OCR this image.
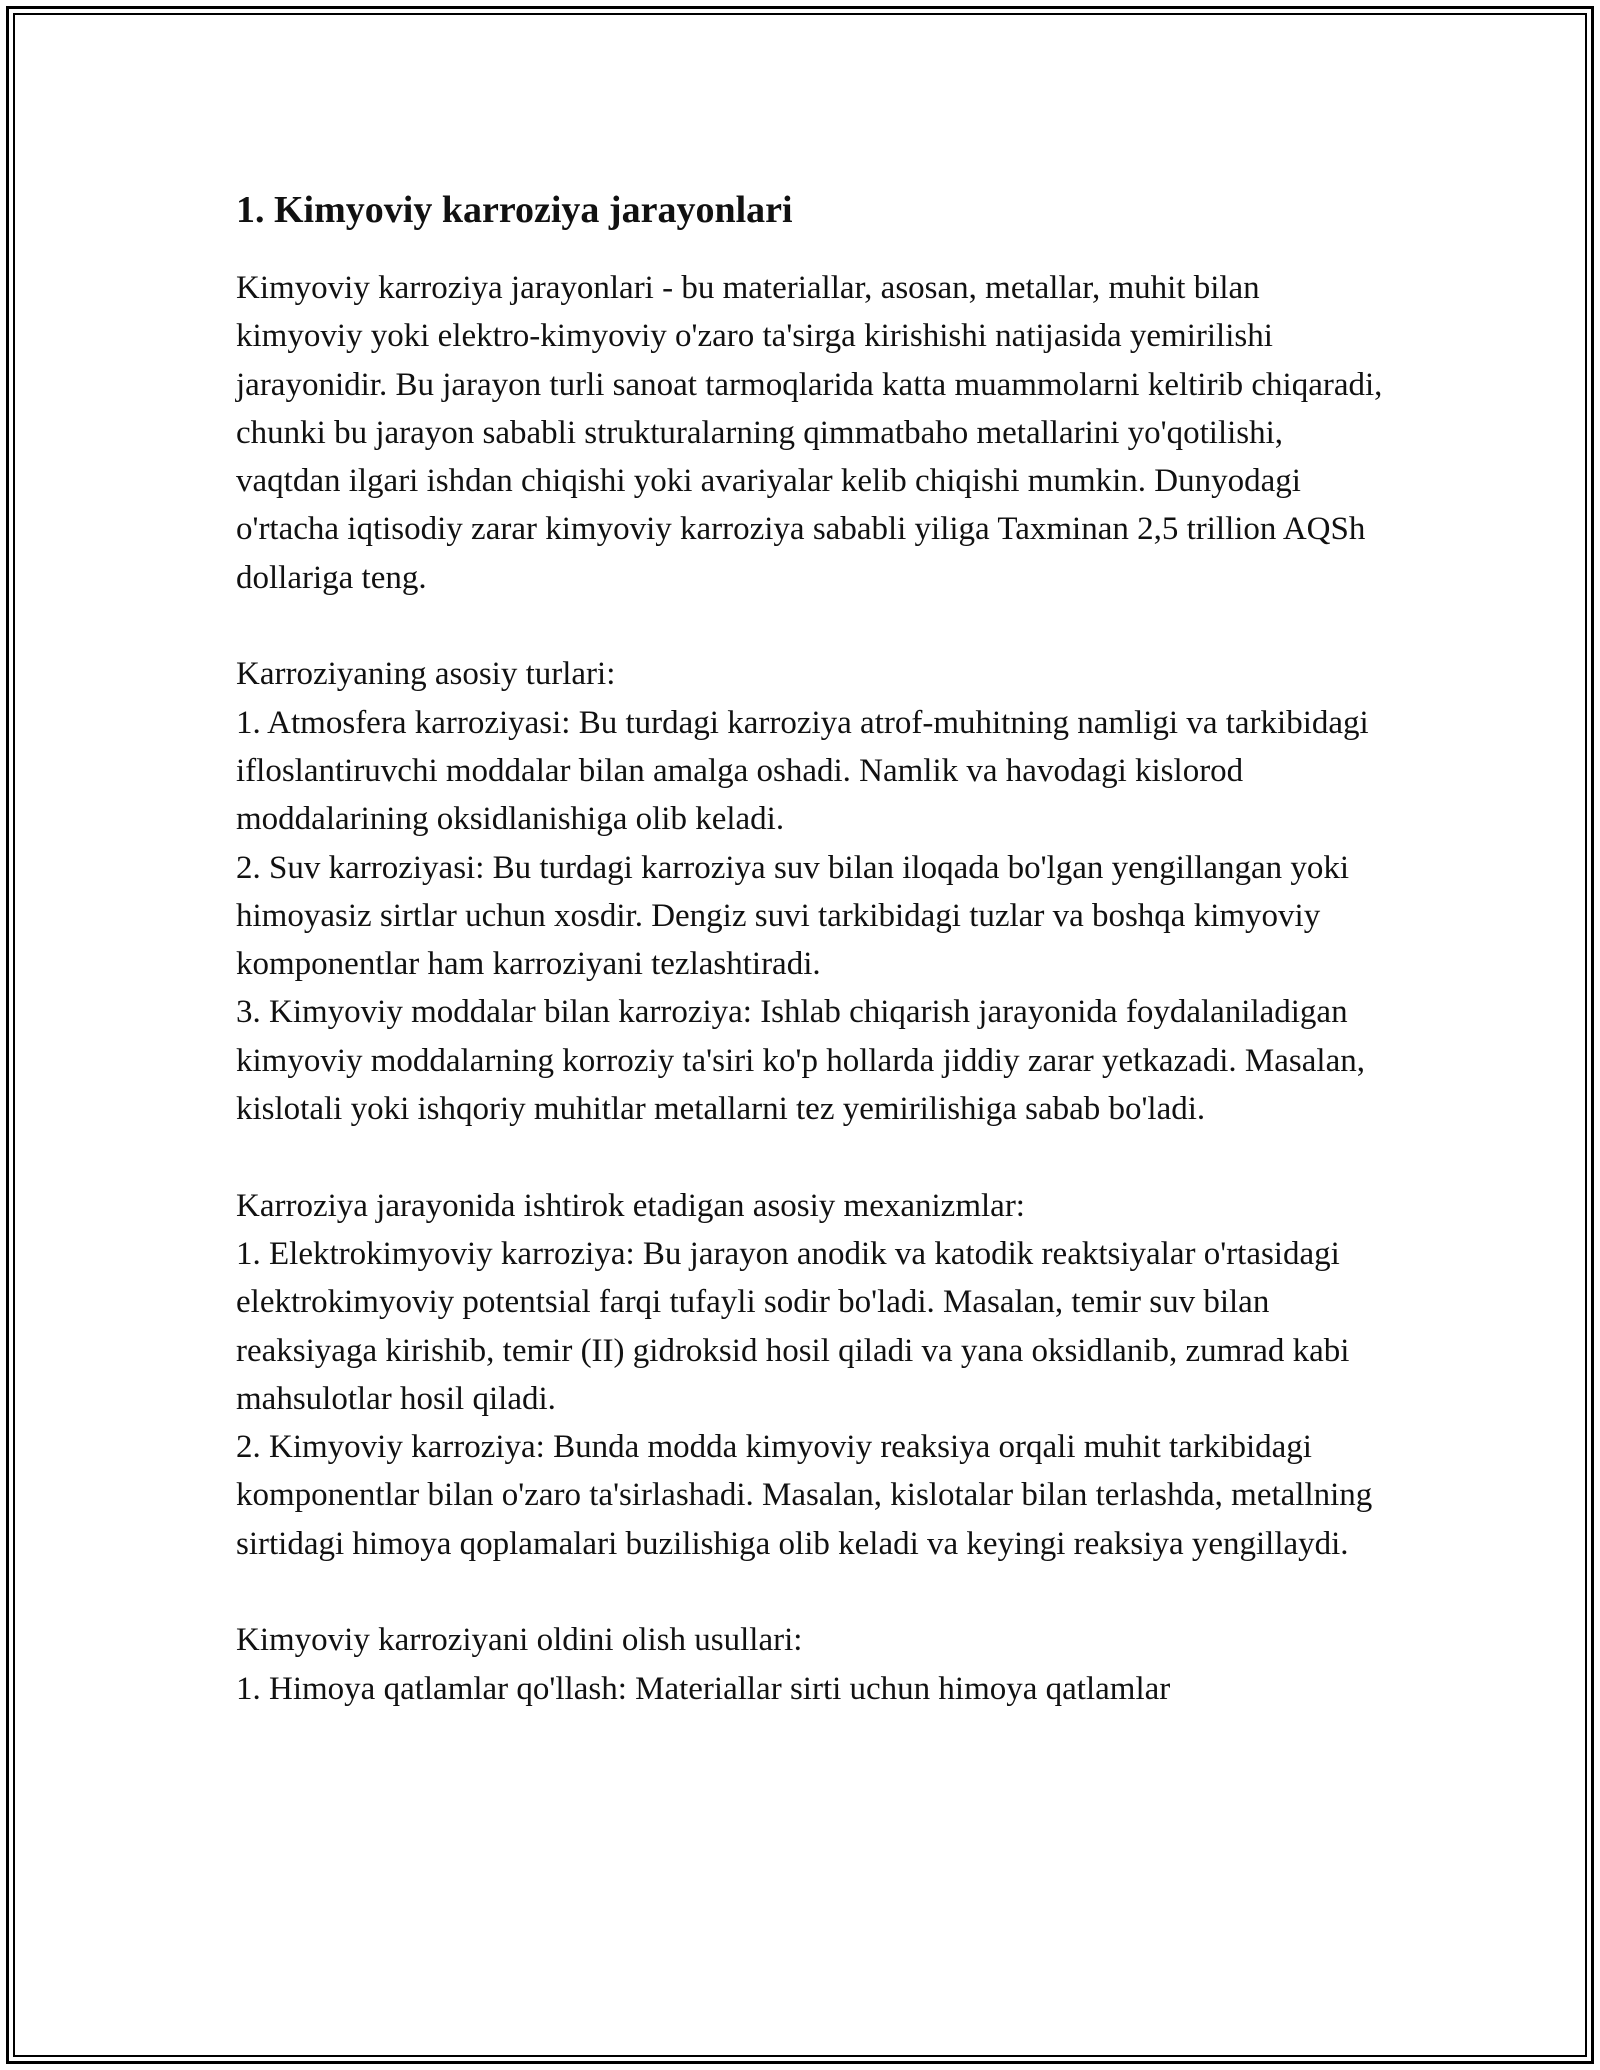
1. Kimyoviy karroziya jarayonlari

Kimyoviy karroziya jarayonlari - bu materiallar, asosan, metallar, muhit bilan kimyoviy yoki elektro-kimyoviy o'zaro ta'sirga kirishishi natijasida yemirilishi jarayonidir. Bu jarayon turli sanoat tarmoqlarida katta muammolarni keltirib chiqaradi, chunki bu jarayon sababli strukturalarning qimmatbaho metallarini yo'qotilishi, vaqtdan ilgari ishdan chiqishi yoki avariyalar kelib chiqishi mumkin. Dunyodagi o'rtacha iqtisodiy zarar kimyoviy karroziya sababli yiliga Taxminan 2,5 trillion AQSh dollariga teng.

Karroziyaning asosiy turlari:

1. Atmosfera karroziyasi: Bu turdagi karroziya atrof-muhitning namligi va tarkibidagi ifloslantiruvchi moddalar bilan amalga oshadi. Namlik va havodagi kislorod moddalarining oksidlanishiga olib keladi.

2. Suv karroziyasi: Bu turdagi karroziya suv bilan iloqada bo'lgan yengillangan yoki himoyasiz sirtlar uchun xosdir. Dengiz suvi tarkibidagi tuzlar va boshqa kimyoviy komponentlar ham karroziyani tezlashtiradi.

3. Kimyoviy moddalar bilan karroziya: Ishlab chiqarish jarayonida foydalaniladigan kimyoviy moddalarning korroziy ta'siri ko'p hollarda jiddiy zarar yetkazadi. Masalan, kislotali yoki ishqoriy muhitlar metallarni tez yemirilishiga sabab bo'ladi.

Karroziya jarayonida ishtirok etadigan asosiy mexanizmlar:

1. Elektrokimyoviy karroziya: Bu jarayon anodik va katodik reaktsiyalar o'rtasidagi elektrokimyoviy potentsial farqi tufayli sodir bo'ladi. Masalan, temir suv bilan reaksiyaga kirishib, temir (II) gidroksid hosil qiladi va yana oksidlanib, zumrad kabi mahsulotlar hosil qiladi.

2. Kimyoviy karroziya: Bunda modda kimyoviy reaksiya orqali muhit tarkibidagi komponentlar bilan o'zaro ta'sirlashadi. Masalan, kislotalar bilan terlashda, metallning sirtidagi himoya qoplamalari buzilishiga olib keladi va keyingi reaksiya yengillaydi.

Kimyoviy karroziyani oldini olish usullari:

1. Himoya qatlamlar qo'llash: Materiallar sirti uchun himoya qatlamlar
